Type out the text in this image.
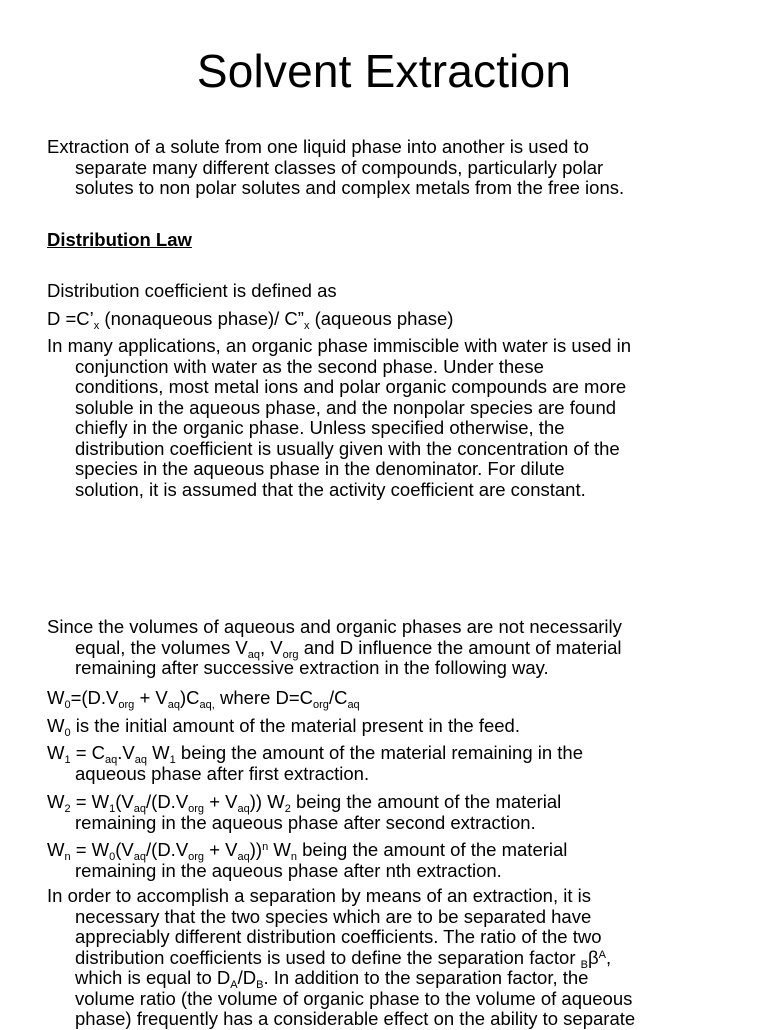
Solvent Extraction
Extraction of a solute from one liquid phase into another is used to
separate many different classes of compounds, particularly polar
solutes to non polar solutes and complex metals from the free ions.
Distribution Law
Distribution coefficient is defined as
$D =C’_x$ (nonaqueous phase)/ $C”_x$ (aqueous phase)
In many applications, an organic phase immiscible with water is used in
conjunction with water as the second phase. Under these
conditions, most metal ions and polar organic compounds are more
soluble in the aqueous phase, and the nonpolar species are found
chiefly in the organic phase. Unless specified otherwise, the
distribution coefficient is usually given with the concentration of the
species in the aqueous phase in the denominator. For dilute
solution, it is assumed that the activity coefficient are constant.
Since the volumes of aqueous and organic phases are not necessarily
equal, the volumes $V_{aq}$, $V_{org}$ and D influence the amount of material
remaining after successive extraction in the following way.
$W_0=(D.V_{org} + V_{aq})C_{aq,}$ where $D=C_{org}/C_{aq}$
$W_0$ is the initial amount of the material present in the feed.
$W_1 = C_{aq}.V_{aq}$ $W_1$ being the amount of the material remaining in the
aqueous phase after first extraction.
$W_2 = W_1(V_{aq}/(D.V_{org} + V_{aq}))$ $W_2$ being the amount of the material
remaining in the aqueous phase after second extraction.
$W_n = W_0(V_{aq}/(D.V_{org} + V_{aq}))^n$ $W_n$ being the amount of the material
remaining in the aqueous phase after nth extraction.
In order to accomplish a separation by means of an extraction, it is
necessary that the two species which are to be separated have
appreciably different distribution coefficients. The ratio of the two
distribution coefficients is used to define the separation factor $_B\beta^A$,
which is equal to $D_A/D_B$. In addition to the separation factor, the
volume ratio (the volume of organic phase to the volume of aqueous
phase) frequently has a considerable effect on the ability to separate
